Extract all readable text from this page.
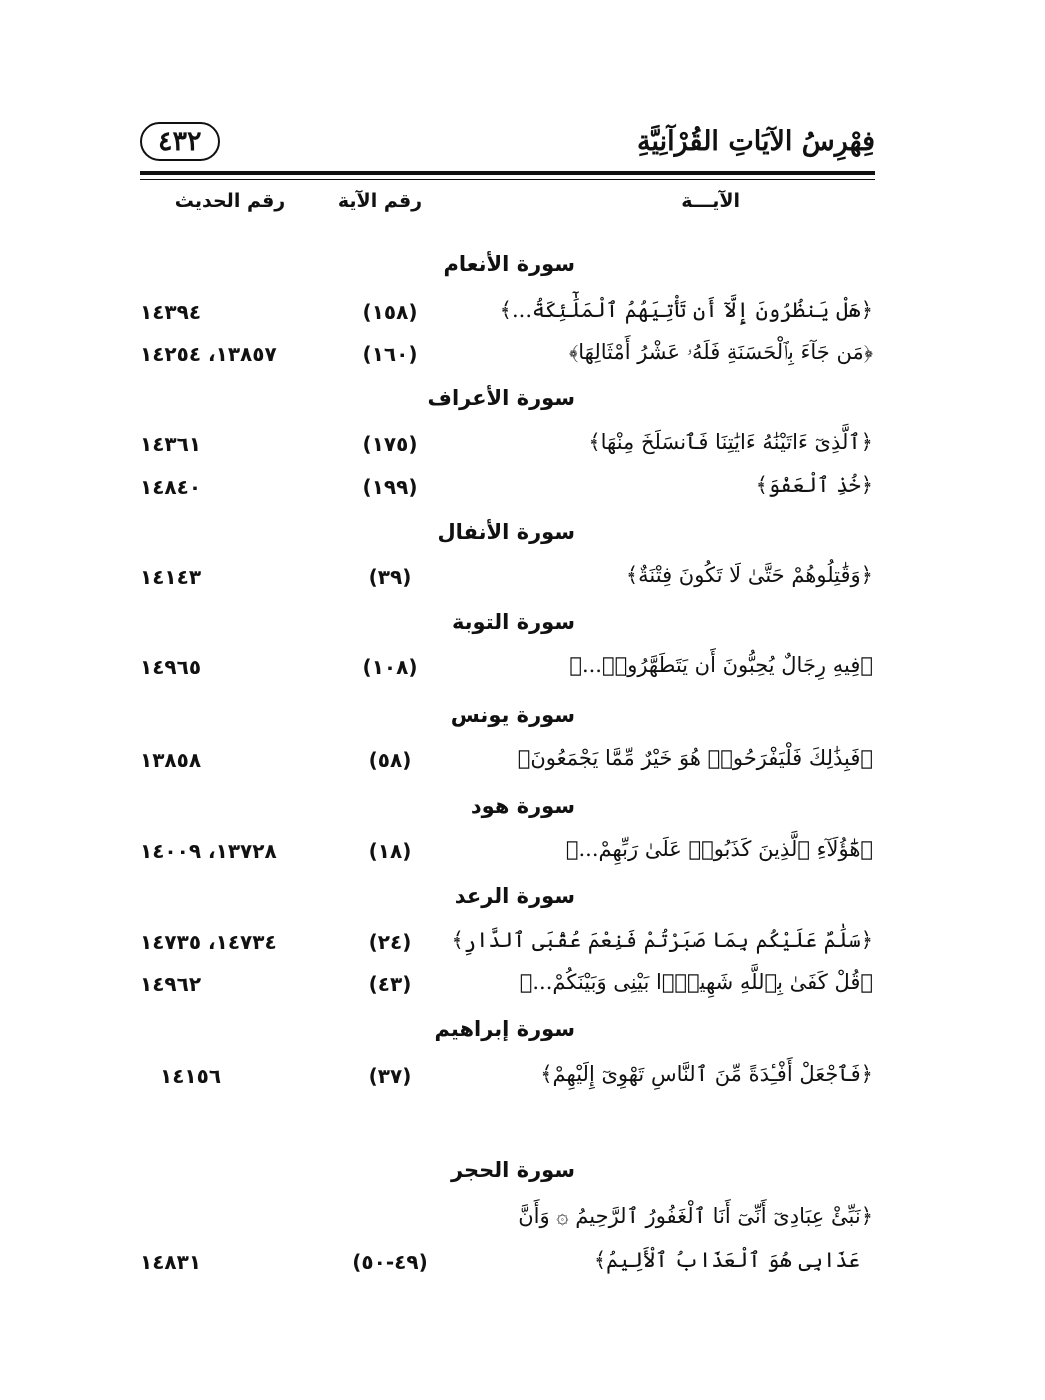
٤٣٢	فِهْرِسُ الآيَاتِ القُرْآنِيَّةِ
الآيـــة
رقم الآية
رقم الحديث
سورة الأنعام
﴿هَلْ يَنظُرُونَ إِلَّآ أَن تَأْتِيَهُمُ ٱلْمَلَٰٓئِكَةُ...﴾
(١٥٨)
١٤٣٩٤
﴿مَن جَآءَ بِٱلْحَسَنَةِ فَلَهُۥ عَشْرُ أَمْثَالِهَا﴾
(١٦٠)
١٣٨٥٧، ١٤٢٥٤
سورة الأعراف
﴿ٱلَّذِىٓ ءَاتَيْنَٰهُ ءَايَٰتِنَا فَٱنسَلَخَ مِنْهَا﴾
(١٧٥)
١٤٣٦١
﴿خُذِ ٱلْعَفْوَ﴾
(١٩٩)
١٤٨٤٠
سورة الأنفال
﴿وَقَٰتِلُوهُمْ حَتَّىٰ لَا تَكُونَ فِتْنَةٌ﴾
(٣٩)
١٤١٤٣
سورة التوبة
﴿فِيهِ رِجَالٌ يُحِبُّونَ أَن يَتَطَهَّرُوا۟...﴾
(١٠٨)
١٤٩٦٥
سورة يونس
﴿فَبِذَٰلِكَ فَلْيَفْرَحُوا۟ هُوَ خَيْرٌ مِّمَّا يَجْمَعُونَ﴾
(٥٨)
١٣٨٥٨
سورة هود
﴿هَٰٓؤُلَآءِ ٱلَّذِينَ كَذَبُوا۟ عَلَىٰ رَبِّهِمْ...﴾
(١٨)
١٣٧٢٨، ١٤٠٠٩
سورة الرعد
﴿سَلَٰمٌ عَلَيْكُم بِمَا صَبَرْتُمْ فَنِعْمَ عُقْبَى ٱلدَّارِ﴾
(٢٤)
١٤٧٣٤، ١٤٧٣٥
﴿قُلْ كَفَىٰ بِٱللَّهِ شَهِيدًۢا بَيْنِى وَبَيْنَكُمْ...﴾
(٤٣)
١٤٩٦٢
سورة إبراهيم
﴿فَٱجْعَلْ أَفْـِٔدَةً مِّنَ ٱلنَّاسِ تَهْوِىٓ إِلَيْهِمْ﴾
(٣٧)
١٤١٥٦
سورة الحجر
﴿نَبِّئْ عِبَادِىٓ أَنِّىٓ أَنَا ٱلْغَفُورُ ٱلرَّحِيمُ ۞ وَأَنَّ
عَذَابِى هُوَ ٱلْعَذَابُ ٱلْأَلِيمُ﴾
(٤٩-٥٠)
١٤٨٣١
